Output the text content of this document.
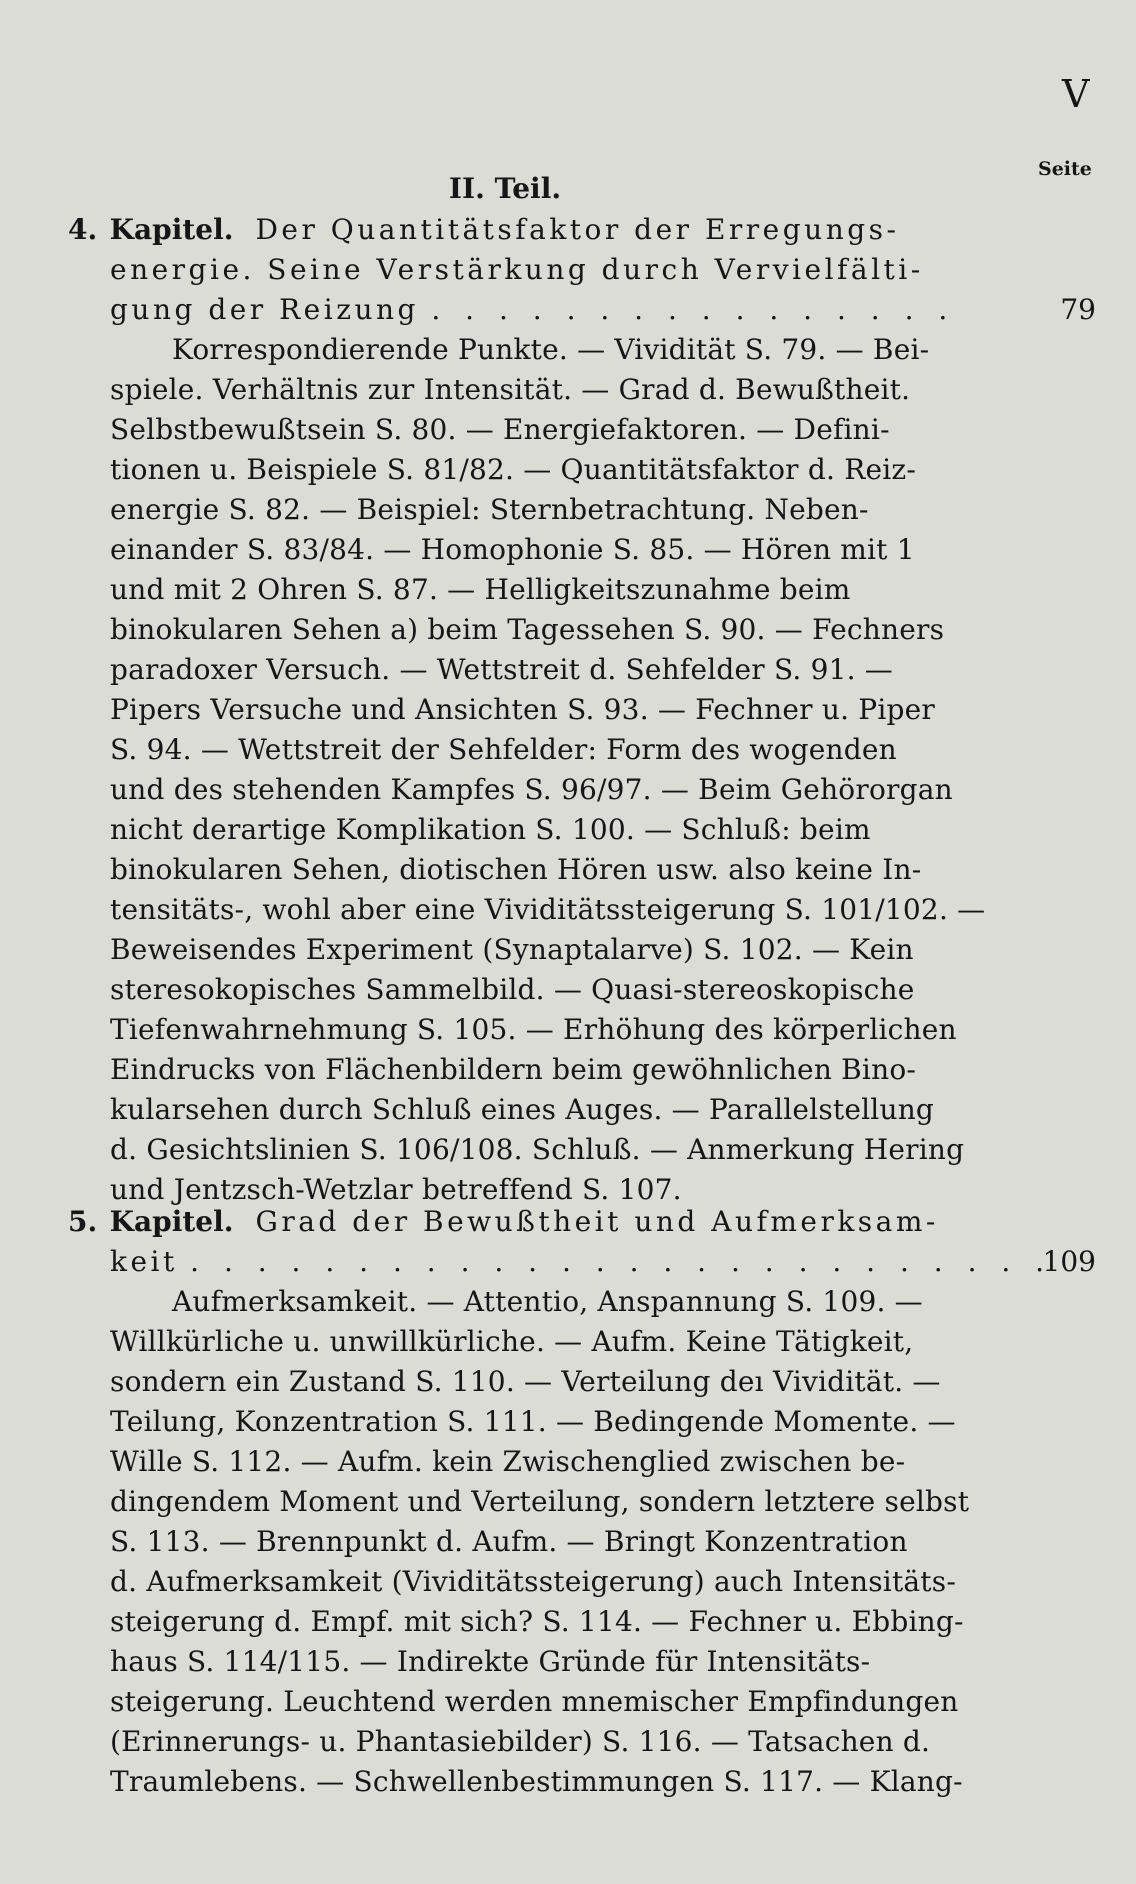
V
Seite
II. Teil.
4. Kapitel. Der Quantitätsfaktor der Erregungs-
energie. Seine Verstärkung durch Vervielfälti-
gung der Reizung . . . . . . . . . . . . . . . .	79
Korrespondierende Punkte. — Vividität S. 79. — Bei-
spiele. Verhältnis zur Intensität. — Grad d. Bewußtheit.
Selbstbewußtsein S. 80. — Energiefaktoren. — Defini-
tionen u. Beispiele S. 81/82. — Quantitätsfaktor d. Reiz-
energie S. 82. — Beispiel: Sternbetrachtung. Neben-
einander S. 83/84. — Homophonie S. 85. — Hören mit 1
und mit 2 Ohren S. 87. — Helligkeitszunahme beim
binokularen Sehen a) beim Tagessehen S. 90. — Fechners
paradoxer Versuch. — Wettstreit d. Sehfelder S. 91. —
Pipers Versuche und Ansichten S. 93. — Fechner u. Piper
S. 94. — Wettstreit der Sehfelder: Form des wogenden
und des stehenden Kampfes S. 96/97. — Beim Gehörorgan
nicht derartige Komplikation S. 100. — Schluß: beim
binokularen Sehen, diotischen Hören usw. also keine In-
tensitäts-, wohl aber eine Vividitätssteigerung S. 101/102. —
Beweisendes Experiment (Synaptalarve) S. 102. — Kein
steresokopisches Sammelbild. — Quasi-stereoskopische
Tiefenwahrnehmung S. 105. — Erhöhung des körperlichen
Eindrucks von Flächenbildern beim gewöhnlichen Bino-
kularsehen durch Schluß eines Auges. — Parallelstellung
d. Gesichtslinien S. 106/108. Schluß. — Anmerkung Hering
und Jentzsch-Wetzlar betreffend S. 107.
5. Kapitel. Grad der Bewußtheit und Aufmerksam-
keit . . . . . . . . . . . . . . . . . . . . . . . . . .
109
Aufmerksamkeit. — Attentio, Anspannung S. 109. —
Willkürliche u. unwillkürliche. — Aufm. Keine Tätigkeit,
sondern ein Zustand S. 110. — Verteilung deı Vividität. —
Teilung, Konzentration S. 111. — Bedingende Momente. —
Wille S. 112. — Aufm. kein Zwischenglied zwischen be-
dingendem Moment und Verteilung, sondern letztere selbst
S. 113. — Brennpunkt d. Aufm. — Bringt Konzentration
d. Aufmerksamkeit (Vividitätssteigerung) auch Intensitäts-
steigerung d. Empf. mit sich? S. 114. — Fechner u. Ebbing-
haus S. 114/115. — Indirekte Gründe für Intensitäts-
steigerung. Leuchtend werden mnemischer Empfindungen
(Erinnerungs- u. Phantasiebilder) S. 116. — Tatsachen d.
Traumlebens. — Schwellenbestimmungen S. 117. — Klang-
